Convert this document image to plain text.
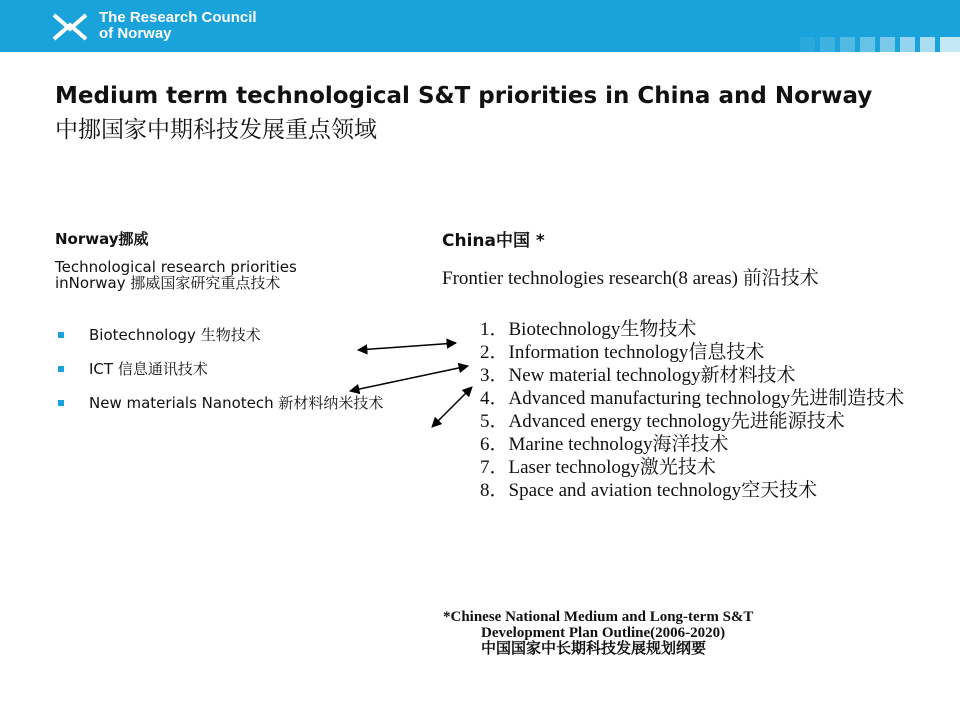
The Research Council
of Norway
Medium term technological S&T priorities in China and Norway
中挪国家中期科技发展重点领域
Norway挪威
Technological research priorities inNorway 挪威国家研究重点技术
Biotechnology 生物技术
ICT 信息通讯技术
New materials Nanotech 新材料纳米技术
China中国 *
Frontier technologies research(8 areas) 前沿技术
1．Biotechnology生物技术
2．Information technology信息技术
3．New material technology新材料技术
4．Advanced manufacturing technology先进制造技术
5．Advanced energy technology先进能源技术
6．Marine technology海洋技术
7．Laser technology激光技术
8．Space and aviation technology空天技术
*Chinese National Medium and Long-term S&T
Development Plan Outline(2006-2020)
中国国家中长期科技发展规划纲要
